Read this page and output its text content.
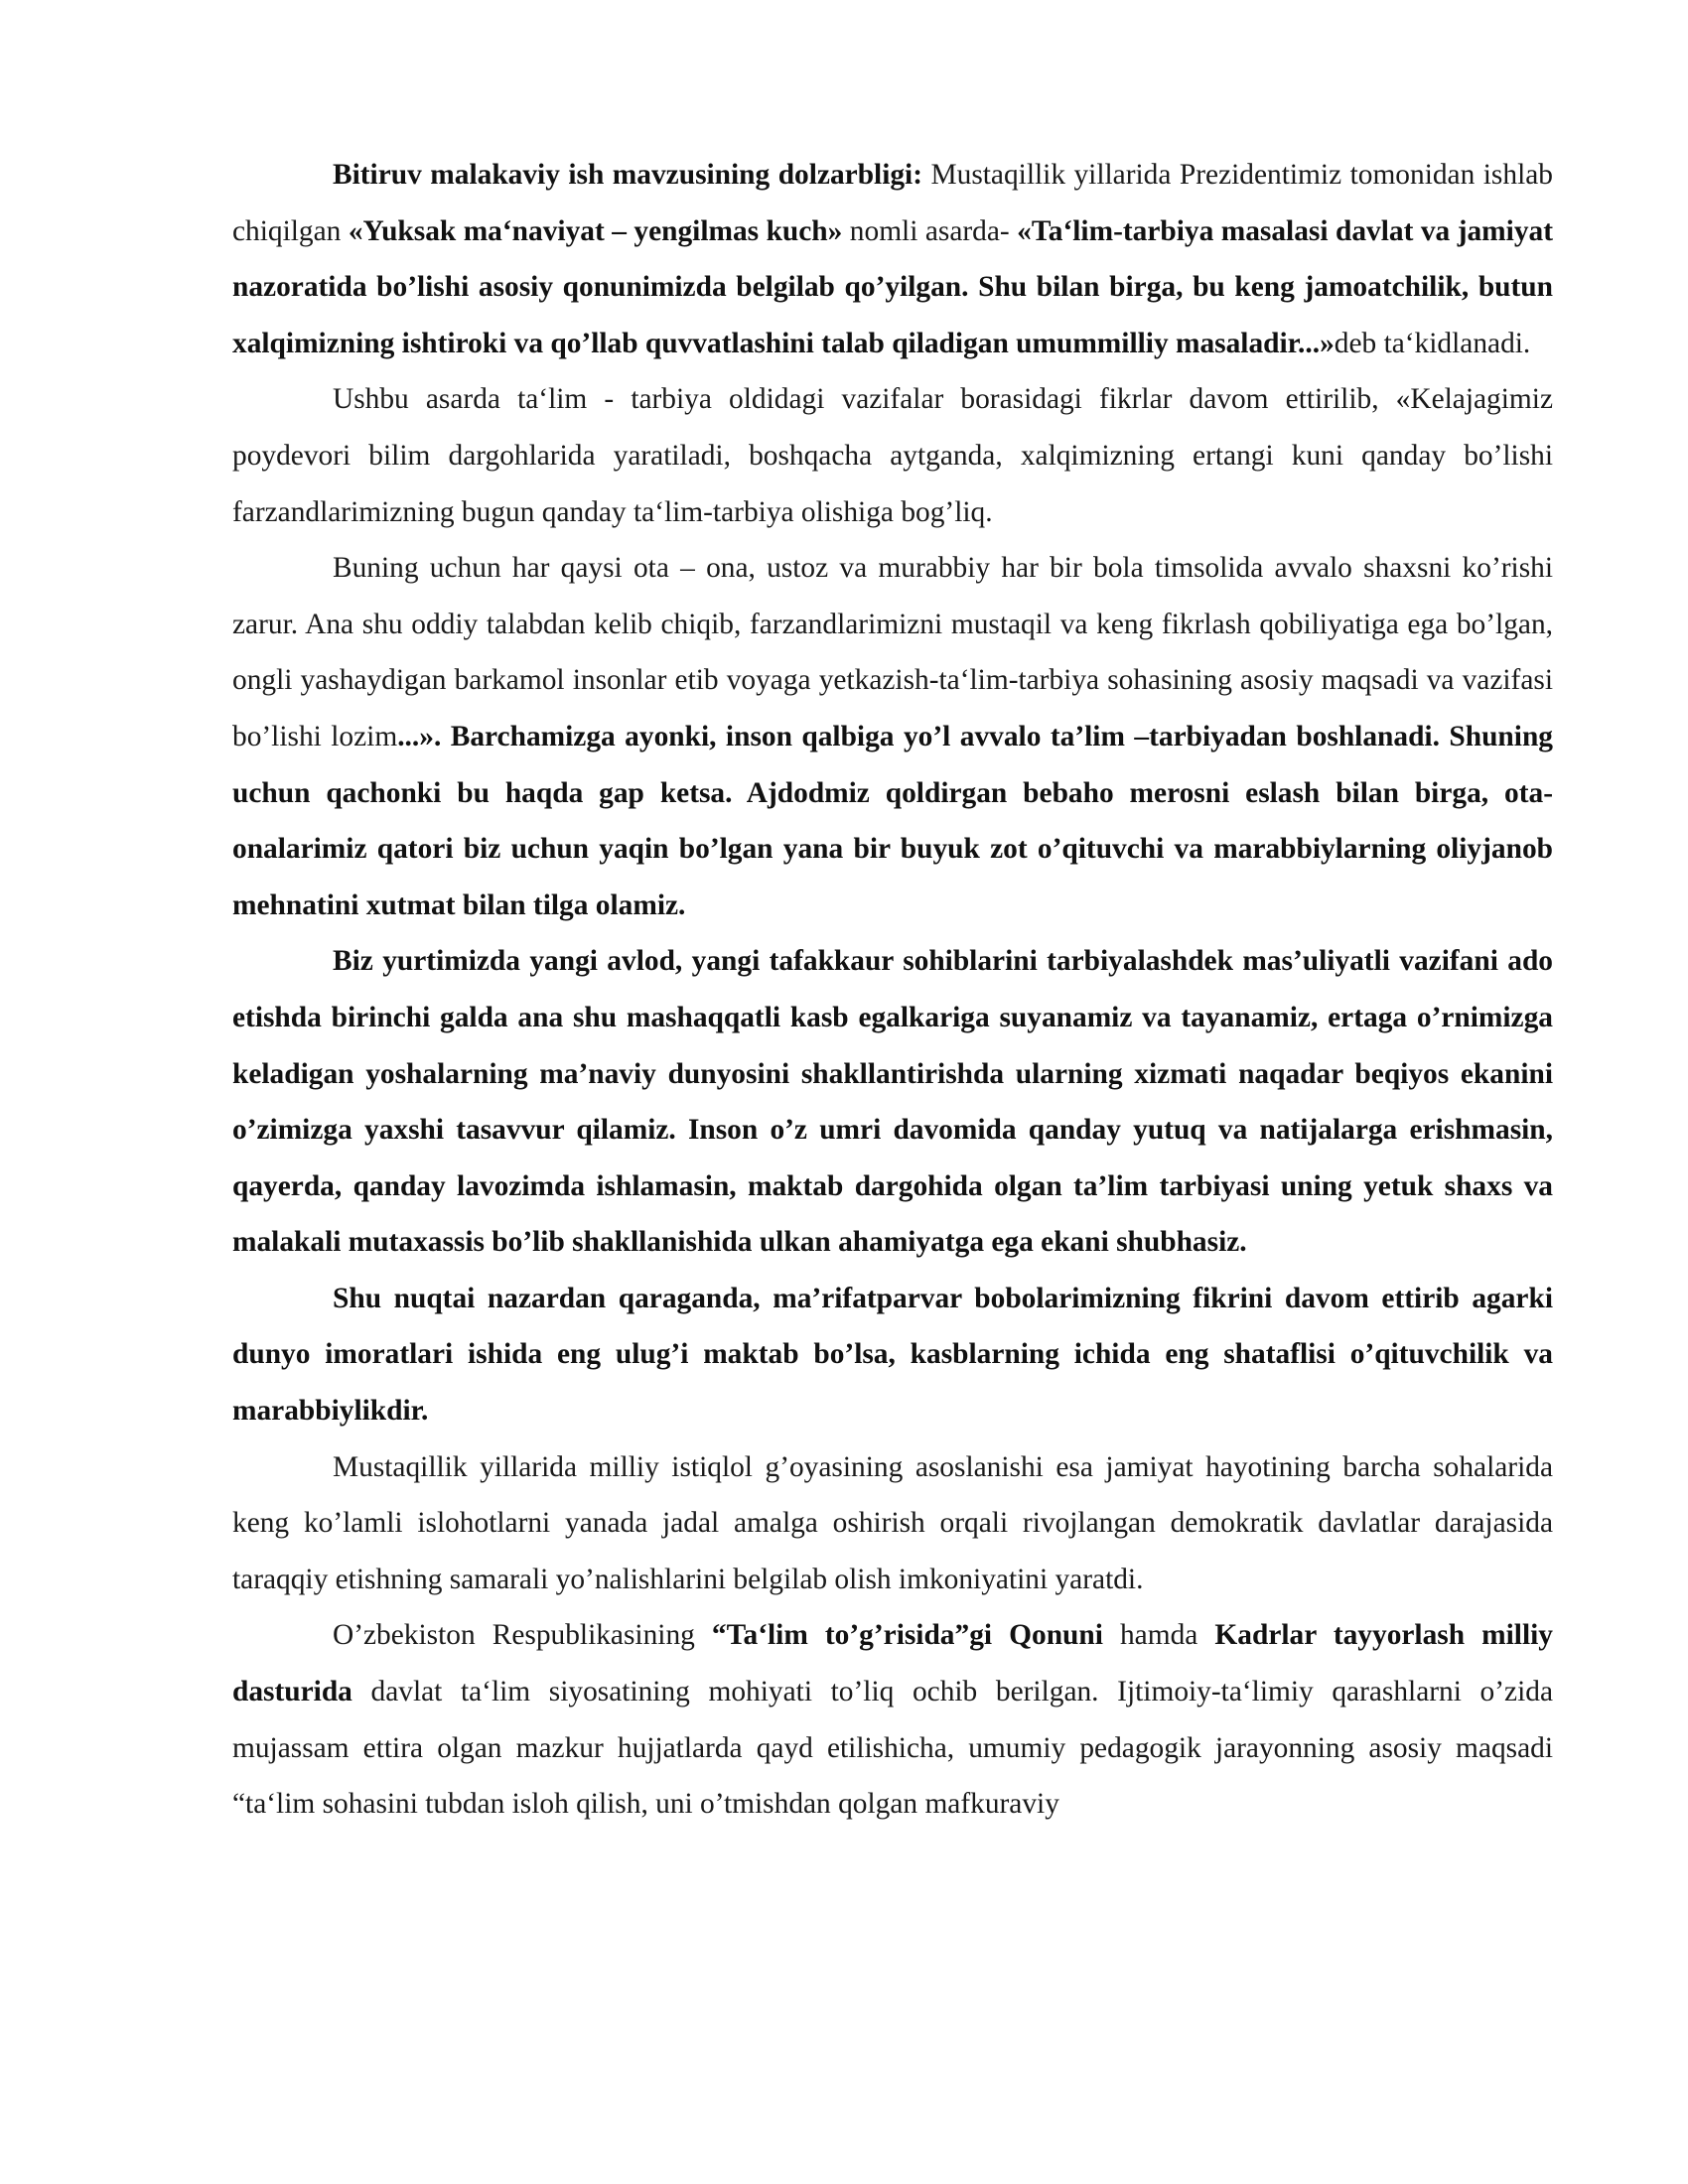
Bitiruv malakaviy ish mavzusining dolzarbligi: Mustaqillik yillarida Prezidentimiz tomonidan ishlab chiqilgan «Yuksak ma‘naviyat – yengilmas kuch» nomli asarda- «Ta‘lim-tarbiya masalasi davlat va jamiyat nazoratida bo’lishi asosiy qonunimizda belgilab qo’yilgan. Shu bilan birga, bu keng jamoatchilik, butun xalqimizning ishtiroki va qo’llab quvvatlashini talab qiladigan umummilliy masaladir...»deb ta‘kidlanadi.

Ushbu asarda ta‘lim - tarbiya oldidagi vazifalar borasidagi fikrlar davom ettirilib, «Kelajagimiz poydevori bilim dargohlarida yaratiladi, boshqacha aytganda, xalqimizning ertangi kuni qanday bo’lishi farzandlarimizning bugun qanday ta‘lim-tarbiya olishiga bog’liq.

Buning uchun har qaysi ota – ona, ustoz va murabbiy har bir bola timsolida avvalo shaxsni ko’rishi zarur. Ana shu oddiy talabdan kelib chiqib, farzandlarimizni mustaqil va keng fikrlash qobiliyatiga ega bo’lgan, ongli yashaydigan barkamol insonlar etib voyaga yetkazish-ta‘lim-tarbiya sohasining asosiy maqsadi va vazifasi bo’lishi lozim...». Barchamizga ayonki, inson qalbiga yo’l avvalo ta’lim –tarbiyadan boshlanadi. Shuning uchun qachonki bu haqda gap ketsa. Ajdodmiz qoldirgan bebaho merosni eslash bilan birga, ota-onalarimiz qatori biz uchun yaqin bo’lgan yana bir buyuk zot o’qituvchi va marabbiylarning oliyjanob mehnatini xutmat bilan tilga olamiz.

Biz yurtimizda yangi avlod, yangi tafakkaur sohiblarini tarbiyalashdek mas’uliyatli vazifani ado etishda birinchi galda ana shu mashaqqatli kasb egalkariga suyanamiz va tayanamiz, ertaga o’rnimizga keladigan yoshalarning ma’naviy dunyosini shakllantirishda ularning xizmati naqadar beqiyos ekanini o’zimizga yaxshi tasavvur qilamiz. Inson o’z umri davomida qanday yutuq va natijalarga erishmasin, qayerda, qanday lavozimda ishlamasin, maktab dargohida olgan ta’lim tarbiyasi uning yetuk shaxs va malakali mutaxassis bo’lib shakllanishida ulkan ahamiyatga ega ekani shubhasiz.

Shu nuqtai nazardan qaraganda, ma’rifatparvar bobolarimizning fikrini davom ettirib agarki dunyo imoratlari ishida eng ulug’i maktab bo’lsa, kasblarning ichida eng shataflisi o’qituvchilik va marabbiylikdir.

Mustaqillik yillarida milliy istiqlol g’oyasining asoslanishi esa jamiyat hayotining barcha sohalarida keng ko’lamli islohotlarni yanada jadal amalga oshirish orqali rivojlangan demokratik davlatlar darajasida taraqqiy etishning samarali yo’nalishlarini belgilab olish imkoniyatini yaratdi.

O’zbekiston Respublikasining “Ta‘lim to’g’risida”gi Qonuni hamda Kadrlar tayyorlash milliy dasturida davlat ta‘lim siyosatining mohiyati to’liq ochib berilgan. Ijtimoiy-ta‘limiy qarashlarni o’zida mujassam ettira olgan mazkur hujjatlarda qayd etilishicha, umumiy pedagogik jarayonning asosiy maqsadi “ta‘lim sohasini tubdan isloh qilish, uni o’tmishdan qolgan mafkuraviy
